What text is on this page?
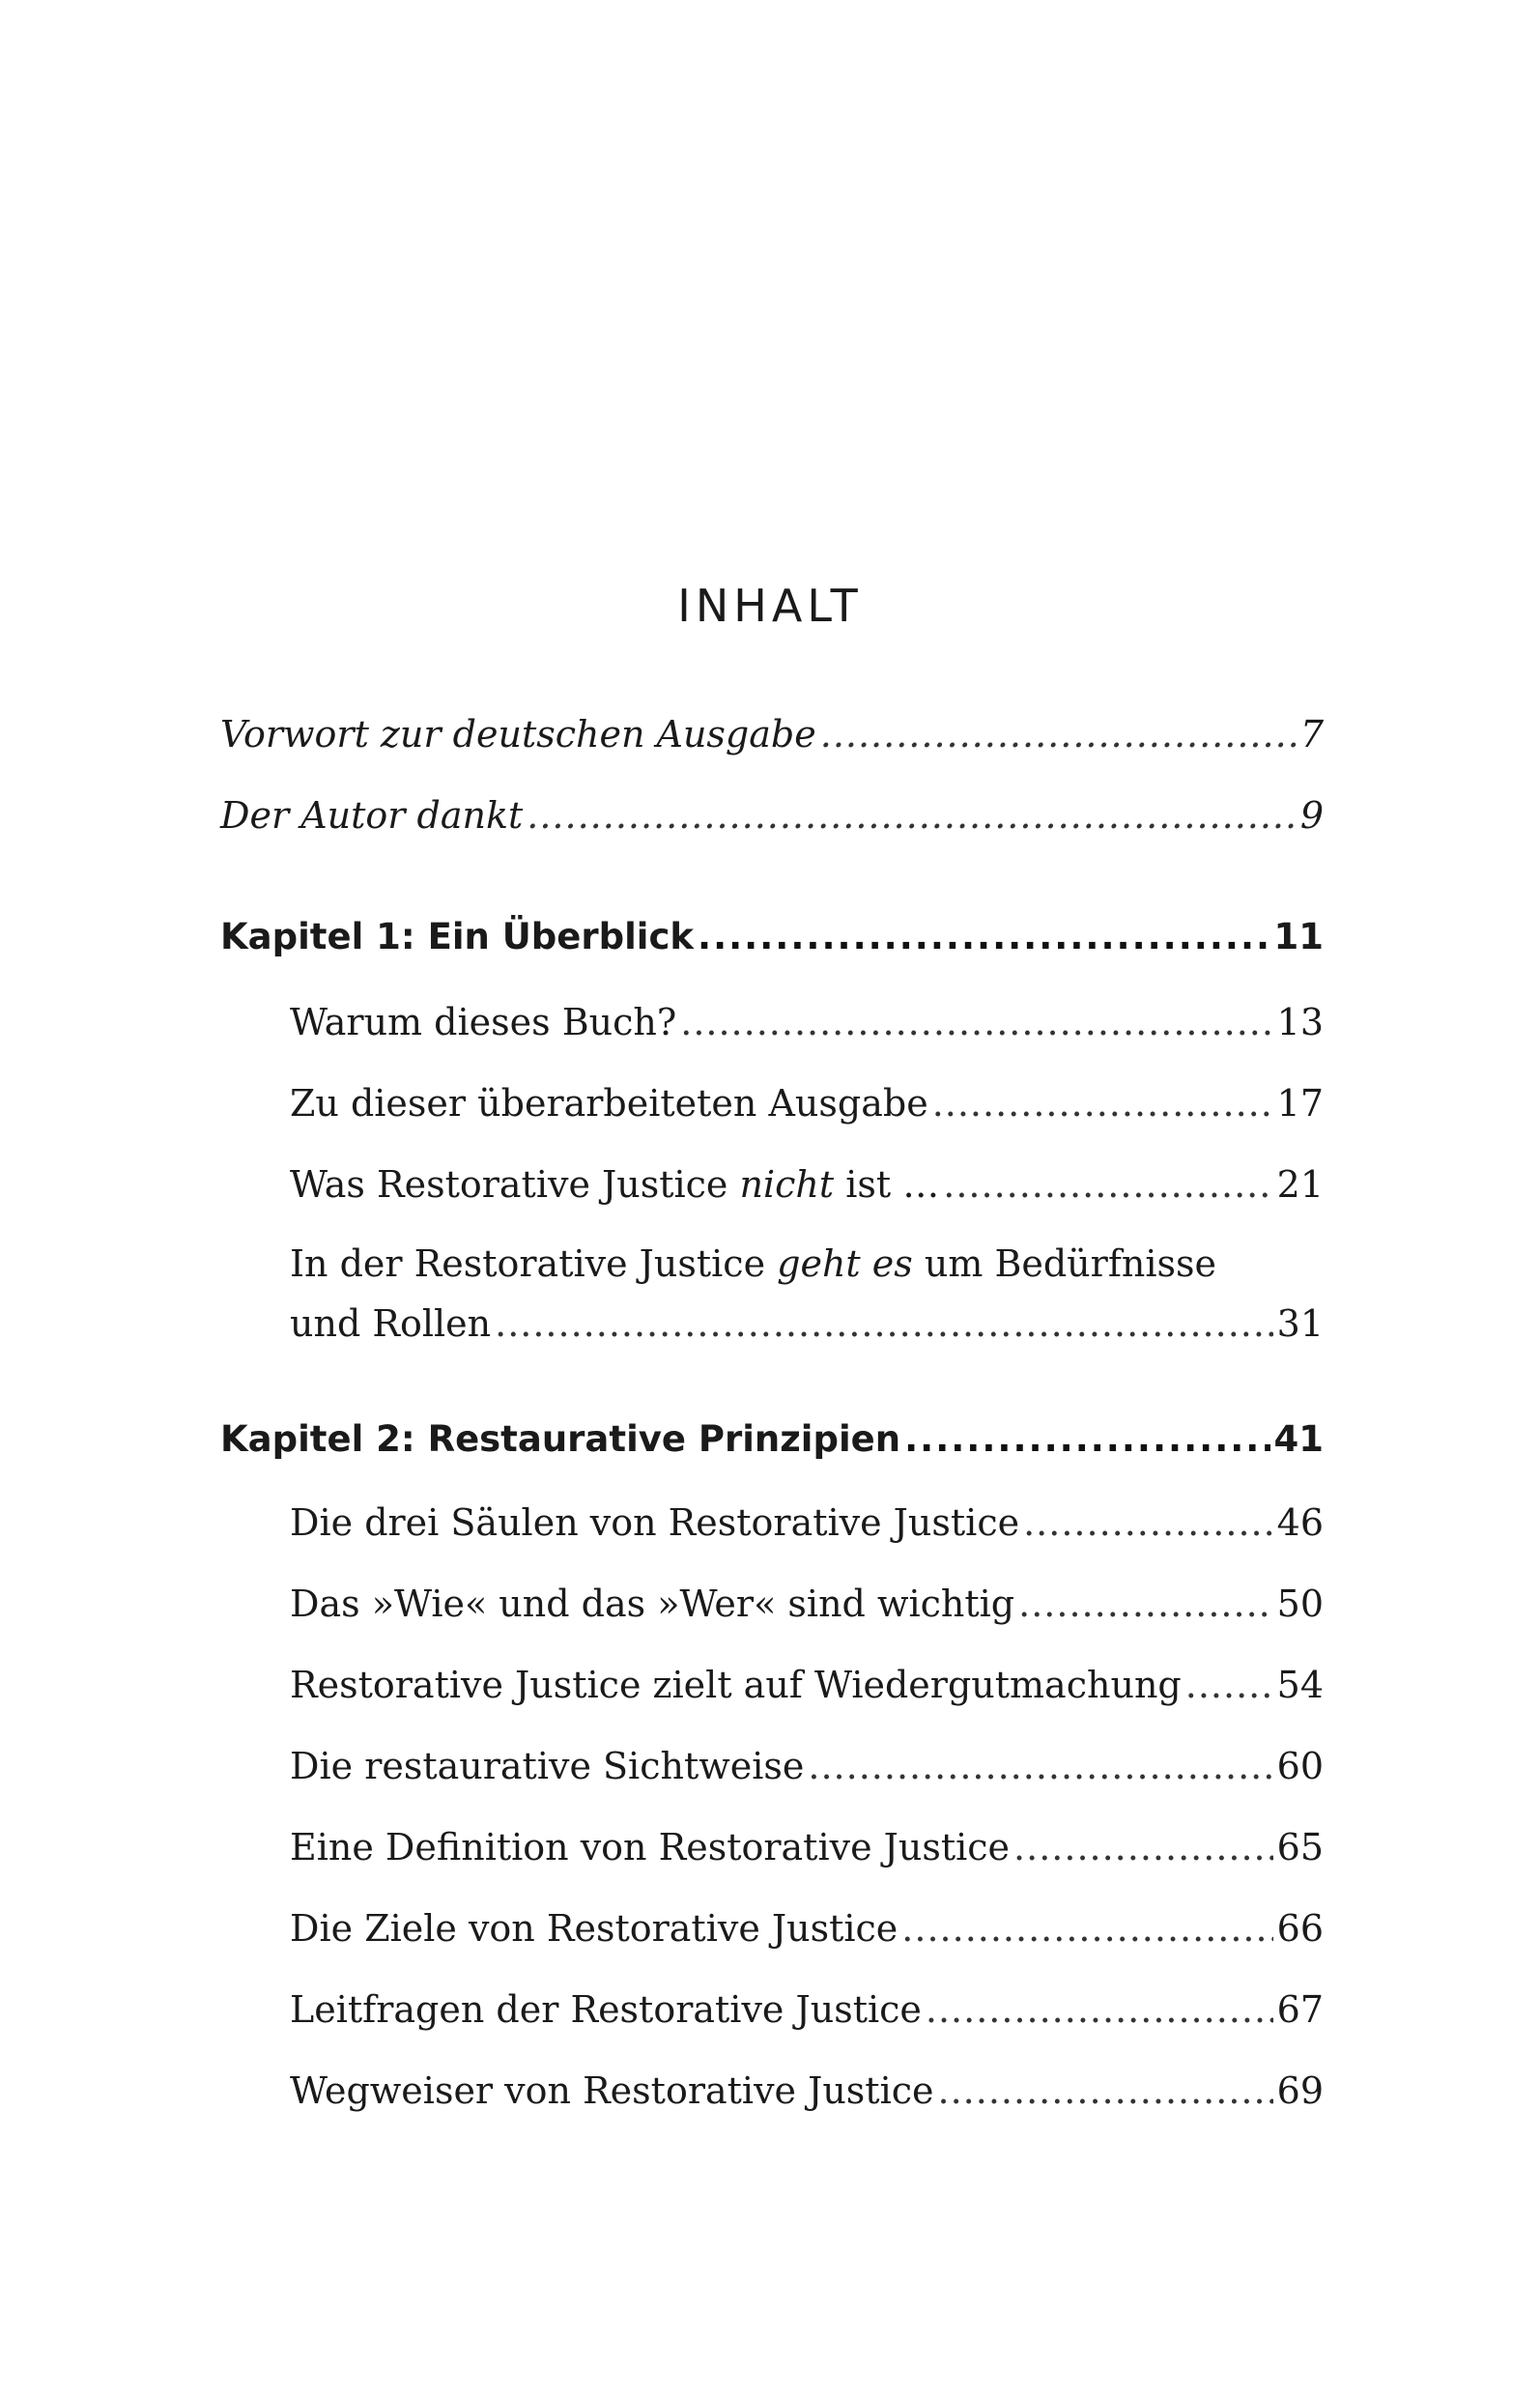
INHALT
Vorwort zur deutschen Ausgabe .....	7
Der Autor dankt .....	9
Kapitel 1: Ein Überblick .....	11
Warum dieses Buch? .....	13
Zu dieser überarbeiteten Ausgabe .....	17
Was Restorative Justice nicht ist … .....	21
In der Restorative Justice geht es um Bedürfnisse
und Rollen .....	31
Kapitel 2: Restaurative Prinzipien .....	41
Die drei Säulen von Restorative Justice .....	46
Das »Wie« und das »Wer« sind wichtig .....	50
Restorative Justice zielt auf Wiedergutmachung .....	54
Die restaurative Sichtweise .....	60
Eine Definition von Restorative Justice .....	65
Die Ziele von Restorative Justice .....	66
Leitfragen der Restorative Justice .....	67
Wegweiser von Restorative Justice .....	69
